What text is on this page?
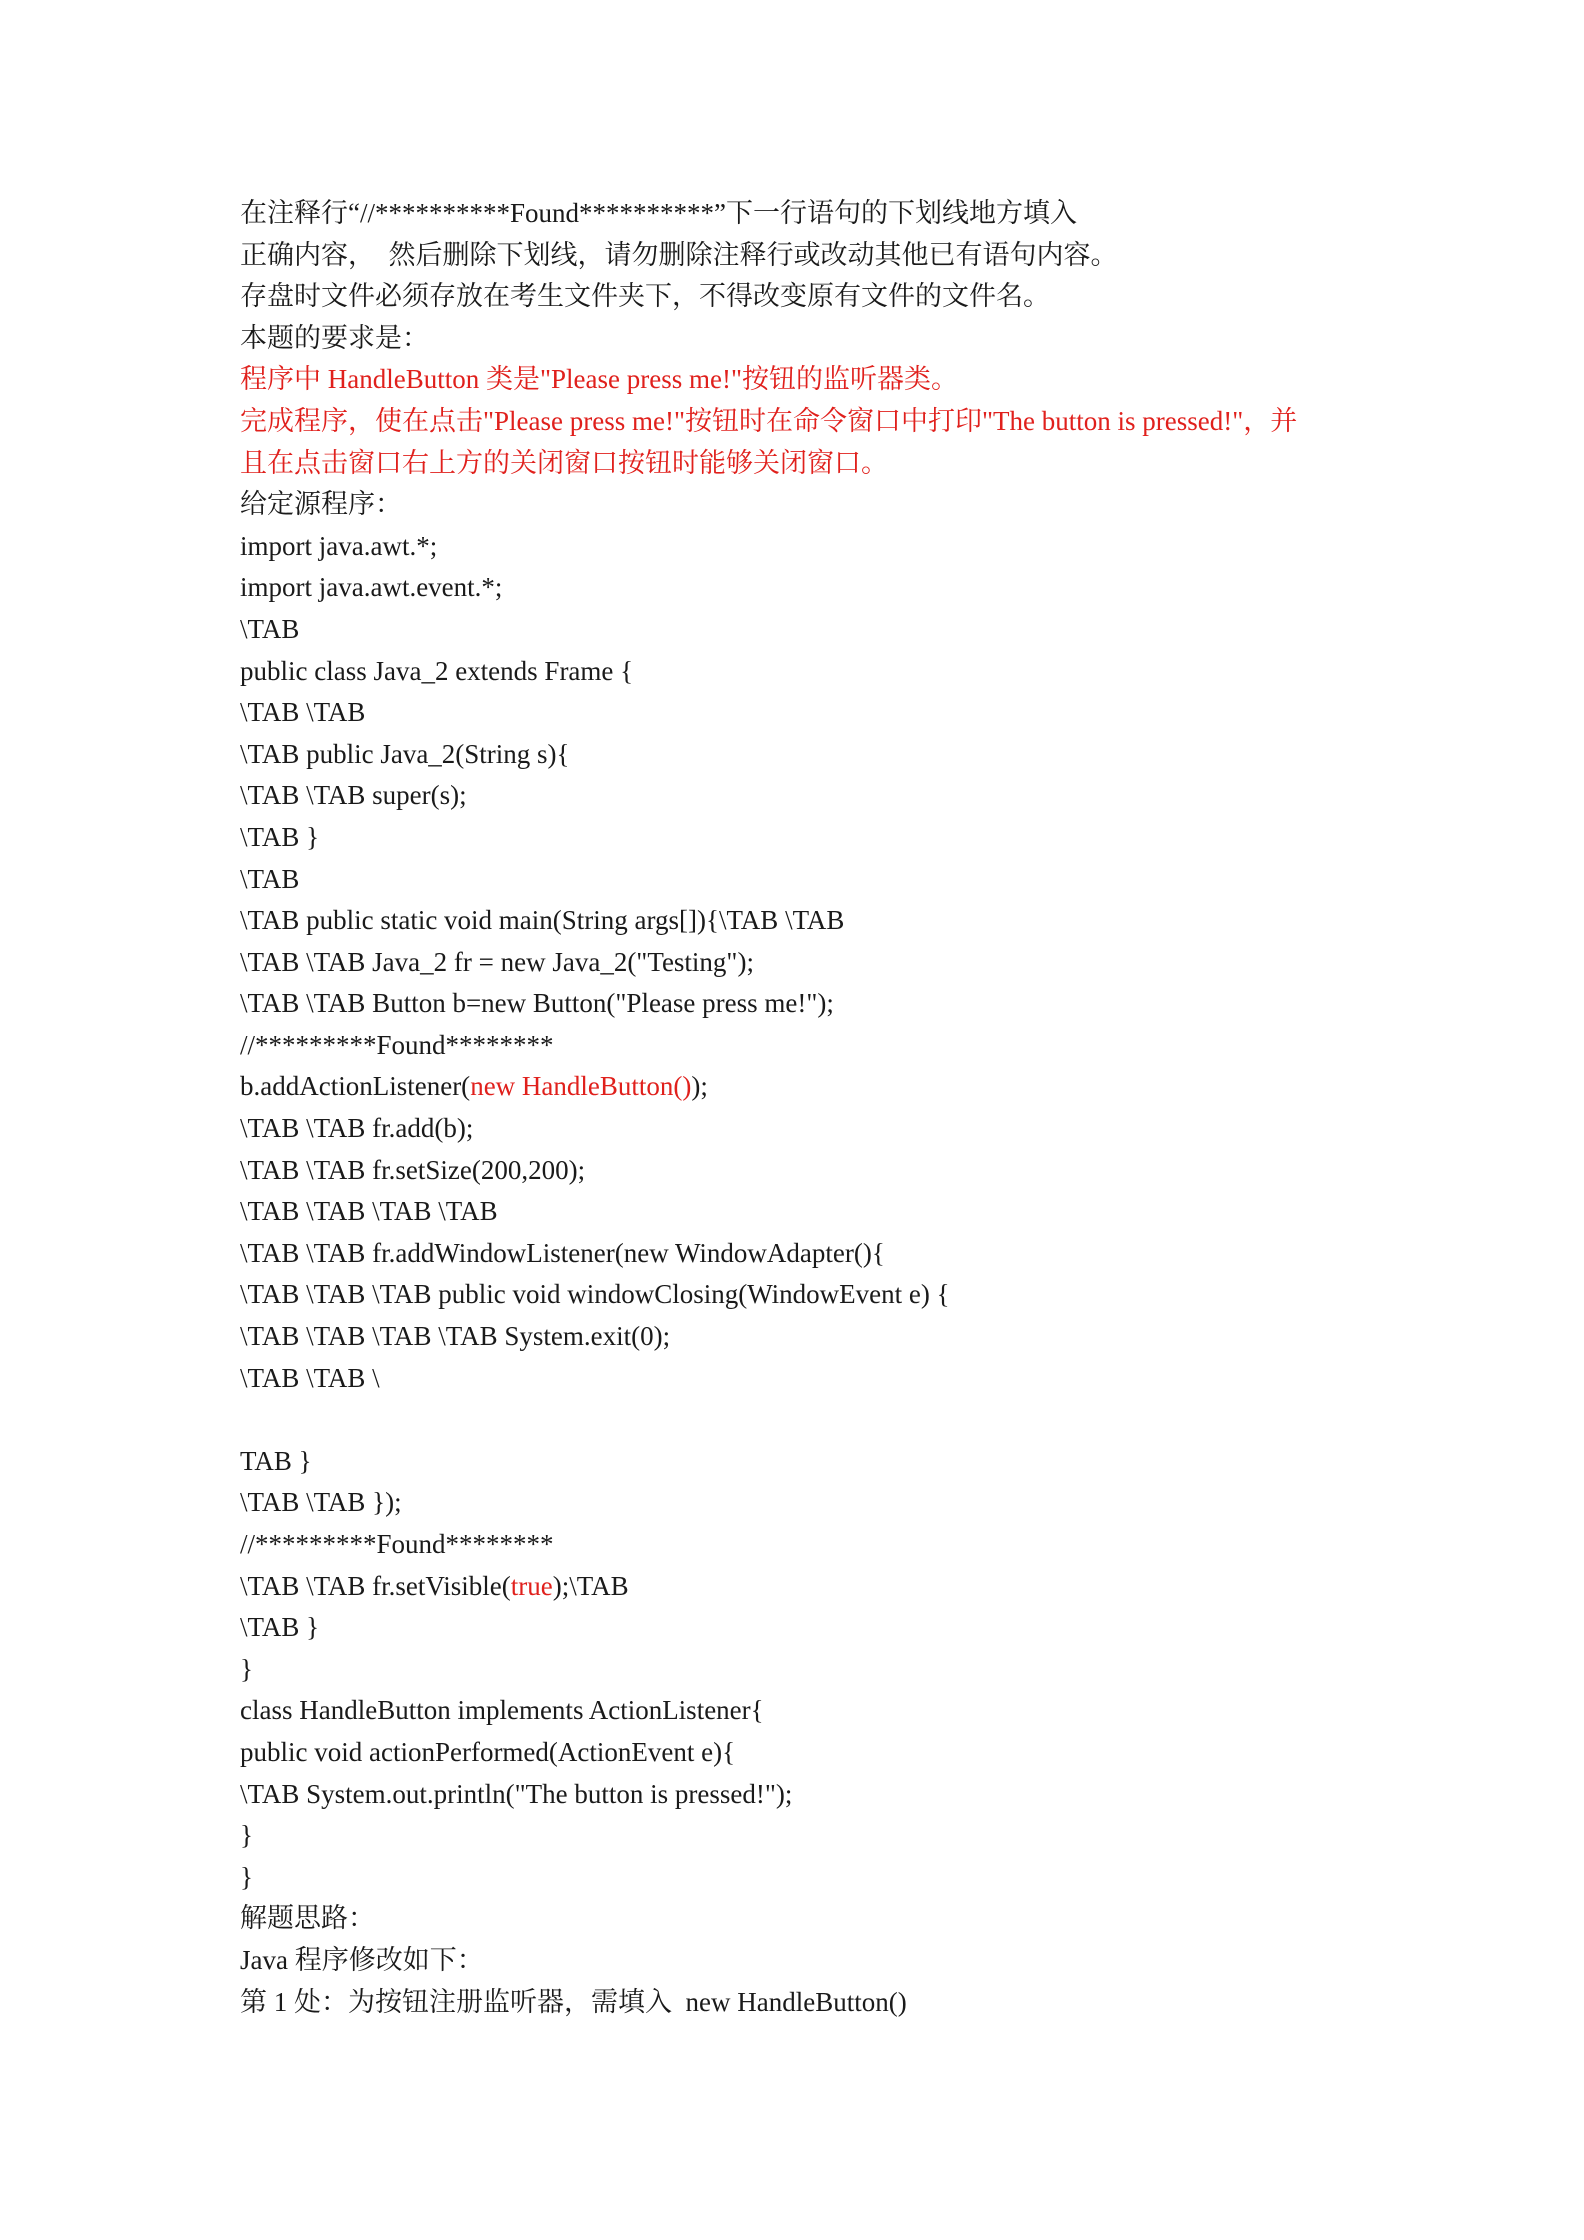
在注释行“//**********Found**********”下一行语句的下划线地方填入
正确内容，  然后删除下划线，请勿删除注释行或改动其他已有语句内容。
存盘时文件必须存放在考生文件夹下，不得改变原有文件的文件名。
本题的要求是：
程序中 HandleButton 类是"Please press me!"按钮的监听器类。
完成程序，使在点击"Please press me!"按钮时在命令窗口中打印"The button is pressed!"，并
且在点击窗口右上方的关闭窗口按钮时能够关闭窗口。
给定源程序：
import java.awt.*;
import java.awt.event.*;
\TAB
public class Java_2 extends Frame {
\TAB \TAB
\TAB public Java_2(String s){
\TAB \TAB super(s);
\TAB }
\TAB
\TAB public static void main(String args[]){\TAB \TAB
\TAB \TAB Java_2 fr = new Java_2("Testing");
\TAB \TAB Button b=new Button("Please press me!");
//*********Found********
b.addActionListener(new HandleButton());
\TAB \TAB fr.add(b);
\TAB \TAB fr.setSize(200,200);
\TAB \TAB \TAB \TAB
\TAB \TAB fr.addWindowListener(new WindowAdapter(){
\TAB \TAB \TAB public void windowClosing(WindowEvent e) {
\TAB \TAB \TAB \TAB System.exit(0);
\TAB \TAB \
TAB }
\TAB \TAB });
//*********Found********
\TAB \TAB fr.setVisible(true);\TAB
\TAB }
}
class HandleButton implements ActionListener{
public void actionPerformed(ActionEvent e){
\TAB System.out.println("The button is pressed!");
}
}
解题思路：
Java 程序修改如下：
第 1 处：为按钮注册监听器，需填入  new HandleButton()
